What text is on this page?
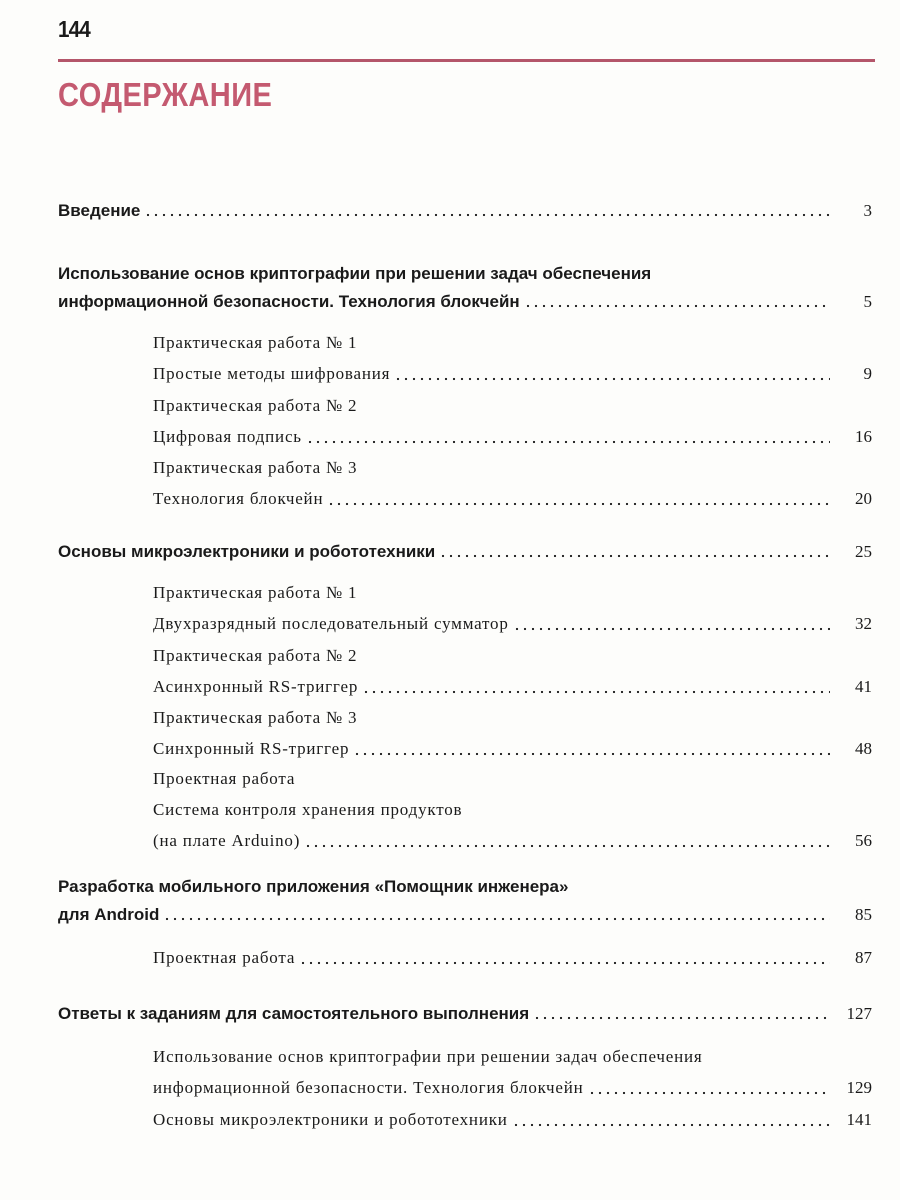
144
СОДЕРЖАНИЕ
Введение	3
Использование основ криптографии при решении задач обеспечения
информационной безопасности. Технология блокчейн	5
Практическая работа № 1
Простые методы шифрования	9
Практическая работа № 2
Цифровая подпись	16
Практическая работа № 3
Технология блокчейн	20
Основы микроэлектроники и робототехники	25
Практическая работа № 1
Двухразрядный последовательный сумматор	32
Практическая работа № 2
Асинхронный RS-триггер	41
Практическая работа № 3
Синхронный RS-триггер	48
Проектная работа
Система контроля хранения продуктов
(на плате Arduino)	56
Разработка мобильного приложения «Помощник инженера»
для Android	85
Проектная работа	87
Ответы к заданиям для самостоятельного выполнения	127
Использование основ криптографии при решении задач обеспечения
информационной безопасности. Технология блокчейн	129
Основы микроэлектроники и робототехники	141
